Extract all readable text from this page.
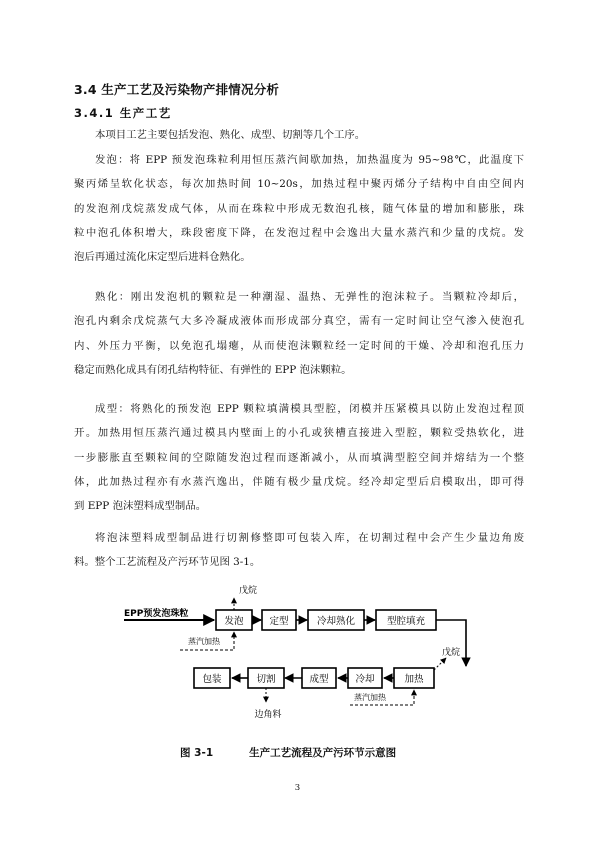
3.4 生产工艺及污染物产排情况分析
3.4.1 生产工艺
本项目工艺主要包括发泡、熟化、成型、切割等几个工序。
发泡：将 EPP 预发泡珠粒利用恒压蒸汽间歇加热，加热温度为 95~98℃，此温度下
聚丙烯呈软化状态，每次加热时间 10~20s，加热过程中聚丙烯分子结构中自由空间内
的发泡剂戊烷蒸发成气体，从而在珠粒中形成无数泡孔核，随气体量的增加和膨胀，珠
粒中泡孔体积增大，珠段密度下降，在发泡过程中会逸出大量水蒸汽和少量的戊烷。发
泡后再通过流化床定型后进料仓熟化。
熟化：刚出发泡机的颗粒是一种潮湿、温热、无弹性的泡沫粒子。当颗粒冷却后，
泡孔内剩余戊烷蒸气大多冷凝成液体而形成部分真空，需有一定时间让空气渗入使泡孔
内、外压力平衡，以免泡孔塌瘪，从而使泡沫颗粒经一定时间的干燥、冷却和泡孔压力
稳定而熟化成具有闭孔结构特征、有弹性的 EPP 泡沫颗粒。
成型：将熟化的预发泡 EPP 颗粒填满模具型腔，闭模并压紧模具以防止发泡过程顶
开。加热用恒压蒸汽通过模具内壁面上的小孔或狭槽直接进入型腔，颗粒受热软化，进
一步膨胀直至颗粒间的空隙随发泡过程而逐渐减小，从而填满型腔空间并熔结为一个整
体，此加热过程亦有水蒸汽逸出，伴随有极少量戊烷。经冷却定型后启模取出，即可得
到 EPP 泡沫塑料成型制品。
将泡沫塑料成型制品进行切割修整即可包装入库，在切割过程中会产生少量边角废
料。整个工艺流程及产污环节见图 3-1。
EPP预发泡珠粒
发泡	定型	冷却熟化	型腔填充
加热
冷却
成型
切割
包装
戊烷
蒸汽加热
戊烷
蒸汽加热
边角料
图 3-1	生产工艺流程及产污环节示意图
3
